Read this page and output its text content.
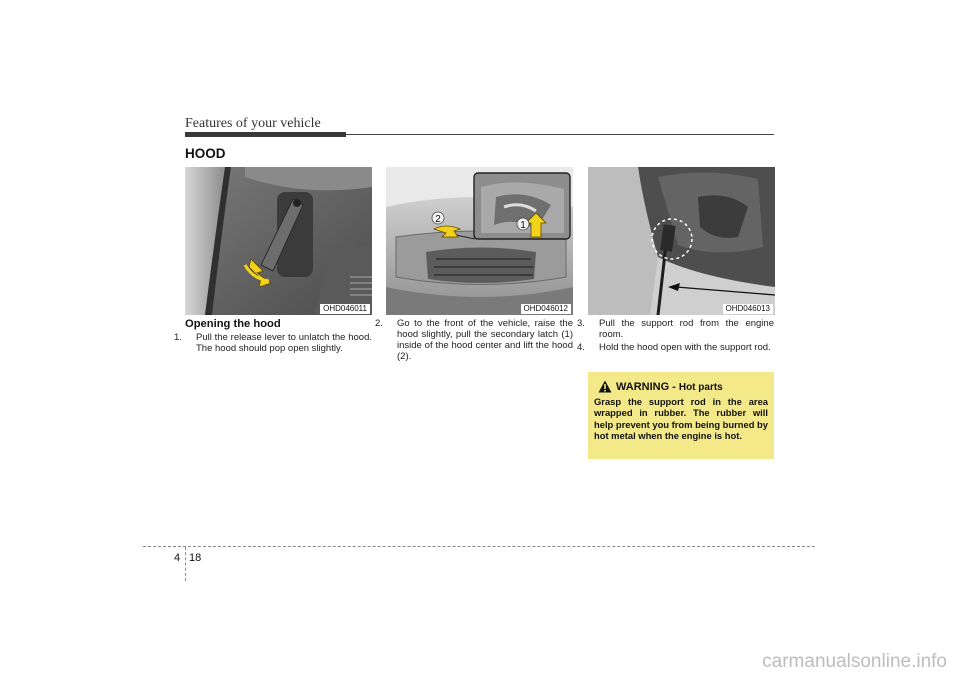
Features of your vehicle
HOOD
OHD046011
2
1
OHD046012	OHD046013
Opening the hood

1. Pull the release lever to unlatch the hood. The hood should pop open slightly.

2. Go to the front of the vehicle, raise the hood slightly, pull the secondary latch (1) inside of the hood center and lift the hood (2).

3. Pull the support rod from the engine room.

4. Hold the hood open with the support rod.

WARNING - Hot parts
Grasp the support rod in the area wrapped in rubber. The rubber will help prevent you from being burned by hot metal when the engine is hot.
4 18
carmanualsonline.info
